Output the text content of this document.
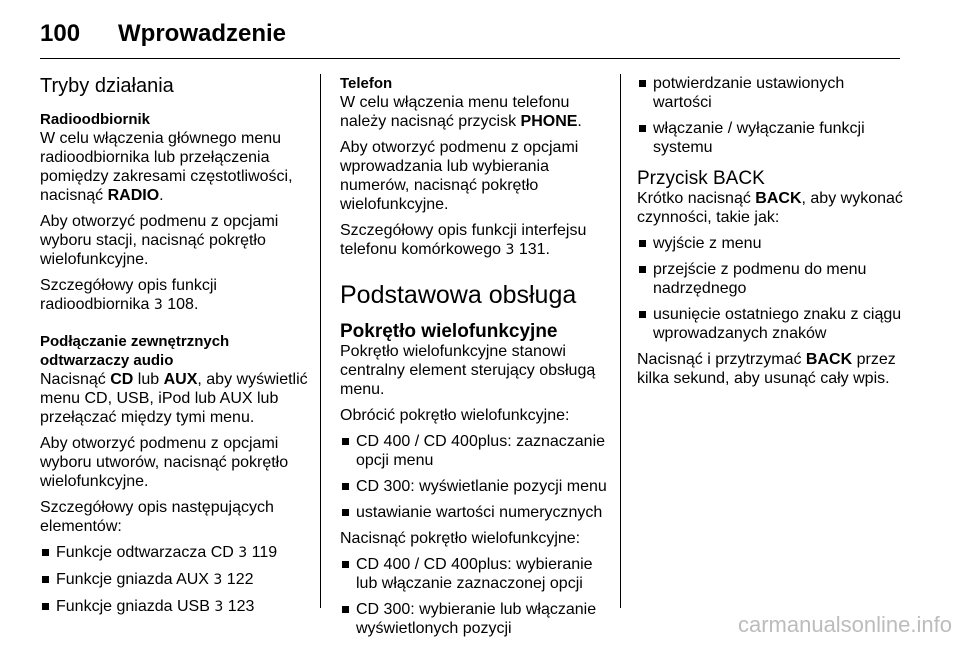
100	Wprowadzenie
Tryby działania
Radioodbiornik

W celu włączenia głównego menu radioodbiornika lub przełączenia pomiędzy zakresami częstotliwości, nacisnąć RADIO.

Aby otworzyć podmenu z opcjami wyboru stacji, nacisnąć pokrętło wielofunkcyjne.

Szczegółowy opis funkcji radioodbiornika 3 108.

Podłączanie zewnętrznych
odtwarzaczy audio

Nacisnąć CD lub AUX, aby wyświetlić menu CD, USB, iPod lub AUX lub przełączać między tymi menu.

Aby otworzyć podmenu z opcjami wyboru utworów, nacisnąć pokrętło wielofunkcyjne.

Szczegółowy opis następujących elementów:

Funkcje odtwarzacza CD 3 119
Funkcje gniazda AUX 3 122
Funkcje gniazda USB 3 123
Telefon

W celu włączenia menu telefonu należy nacisnąć przycisk PHONE.

Aby otworzyć podmenu z opcjami wprowadzania lub wybierania numerów, nacisnąć pokrętło wielofunkcyjne.

Szczegółowy opis funkcji interfejsu telefonu komórkowego 3 131.

Podstawowa obsługa
Pokrętło wielofunkcyjne

Pokrętło wielofunkcyjne stanowi centralny element sterujący obsługą menu.

Obrócić pokrętło wielofunkcyjne:

CD 400 / CD 400plus: zaznaczanie opcji menu
CD 300: wyświetlanie pozycji menu
ustawianie wartości numerycznych

Nacisnąć pokrętło wielofunkcyjne:

CD 400 / CD 400plus: wybieranie lub włączanie zaznaczonej opcji
CD 300: wybieranie lub włączanie wyświetlonych pozycji
potwierdzanie ustawionych wartości
włączanie / wyłączanie funkcji systemu
Przycisk BACK

Krótko nacisnąć BACK, aby wykonać czynności, takie jak:

wyjście z menu
przejście z podmenu do menu nadrzędnego
usunięcie ostatniego znaku z ciągu wprowadzanych znaków

Nacisnąć i przytrzymać BACK przez kilka sekund, aby usunąć cały wpis.

carmanualsonline.info
